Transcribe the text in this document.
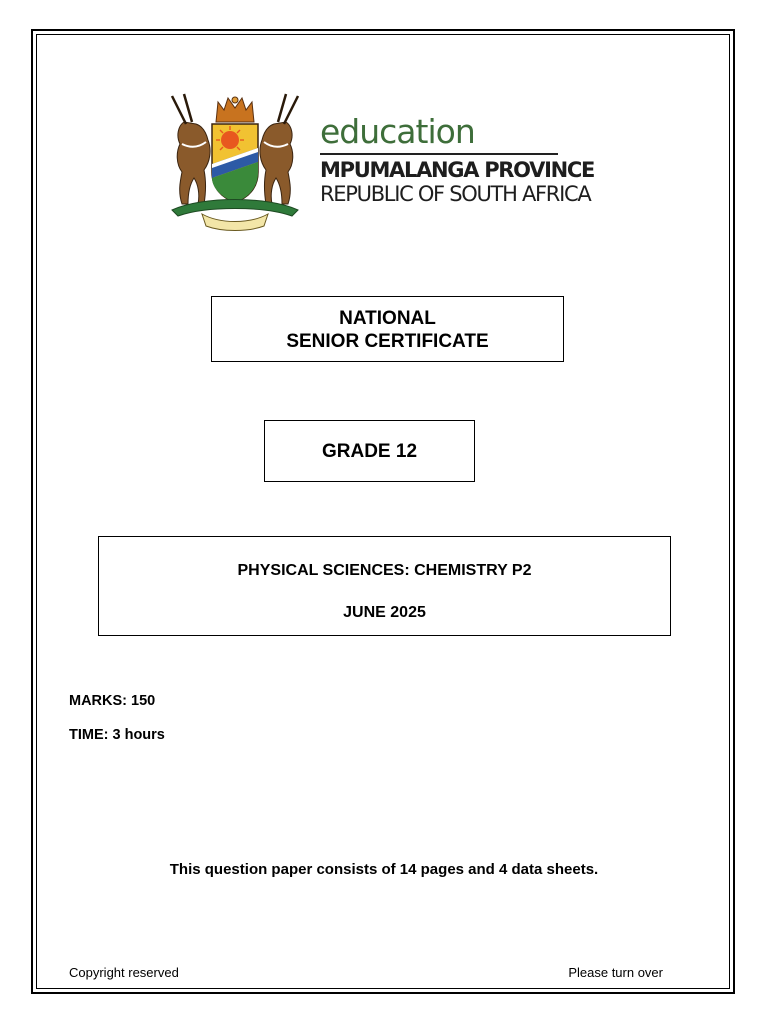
education
MPUMALANGA PROVINCE
REPUBLIC OF SOUTH AFRICA
NATIONAL
SENIOR CERTIFICATE
GRADE 12
PHYSICAL SCIENCES: CHEMISTRY P2
JUNE 2025
MARKS: 150
TIME: 3 hours
This question paper consists of 14 pages and 4 data sheets.
Copyright reserved	Please turn over
